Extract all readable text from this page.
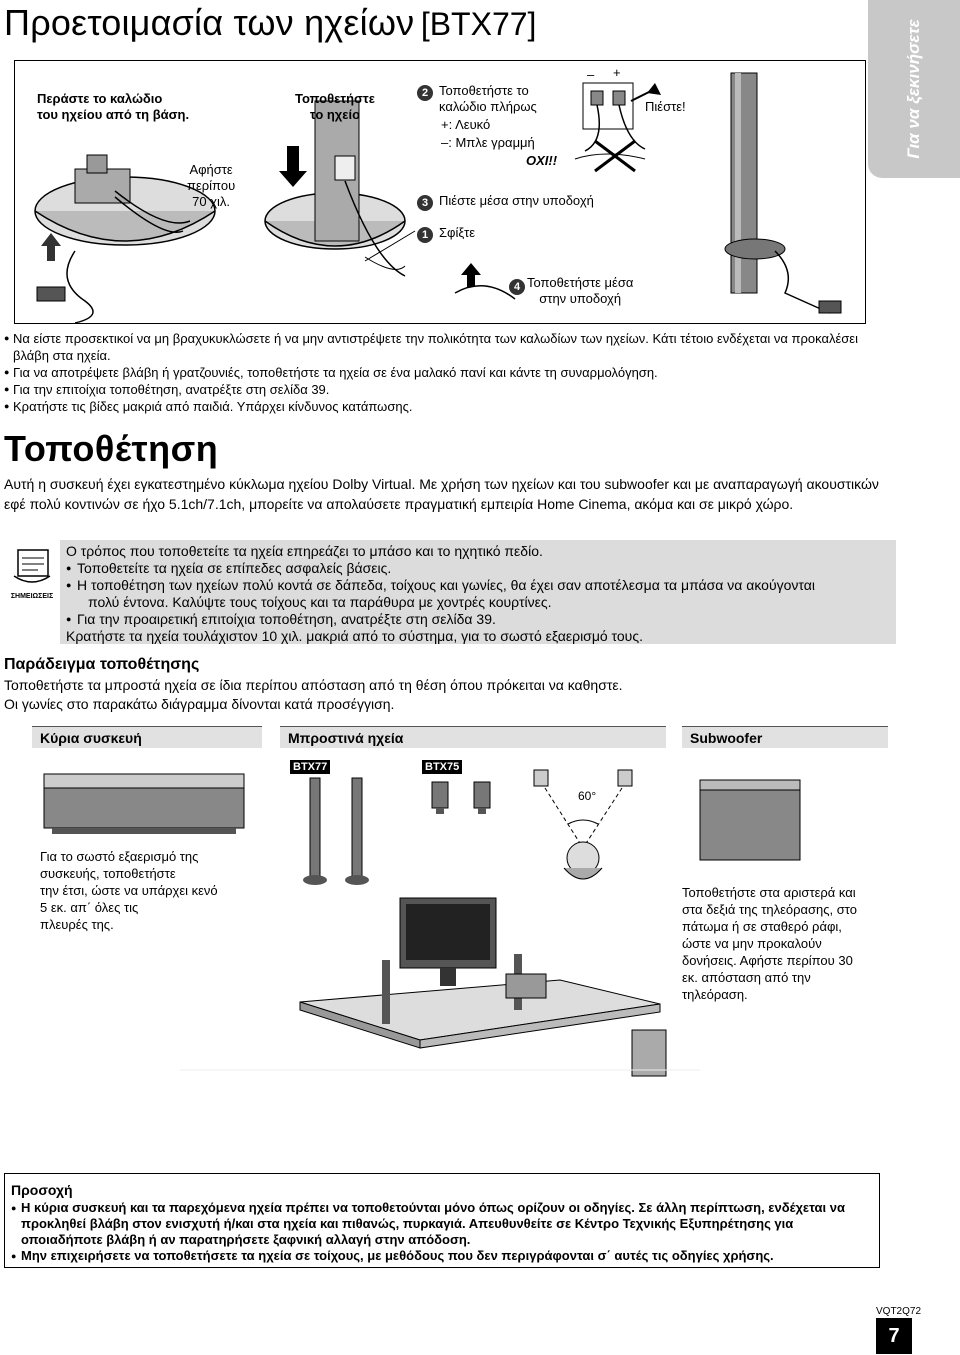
Προετοιμασία των ηχείων [BTX77]	Για να ξεκινήσετε
Περάστε το καλώδιο
του ηχείου από τη βάση.
Αφήστε
περίπου
70 χιλ.
Τοποθετήστε
το ηχείο
2 Τοποθετήστε το
καλώδιο πλήρως
+: Λευκό
–: Μπλε γραμμή
ΟΧΙ!!
Πιέστε!
– +
3 Πιέστε μέσα στην υποδοχή
1 Σφίξτε
4 Τοποθετήστε μέσα
στην υποδοχή

● Να είστε προσεκτικοί να μη βραχυκυκλώσετε ή να μην αντιστρέψετε την πολικότητα των καλωδίων των ηχείων. Κάτι τέτοιο ενδέχεται να προκαλέσει βλάβη στα ηχεία.

● Για να αποτρέψετε βλάβη ή γρατζουνιές, τοποθετήστε τα ηχεία σε ένα μαλακό πανί και κάντε τη συναρμολόγηση.

● Για την επιτοίχια τοποθέτηση, ανατρέξτε στη σελίδα 39.

● Κρατήστε τις βίδες μακριά από παιδιά. Υπάρχει κίνδυνος κατάπωσης.

Τοποθέτηση
Αυτή η συσκευή έχει εγκατεστημένο κύκλωμα ηχείου Dolby Virtual. Με χρήση των ηχείων και του subwoofer και με αναπαραγωγή ακουστικών εφέ πολύ κοντινών σε ήχο 5.1ch/7.1ch, μπορείτε να απολαύσετε πραγματική εμπειρία Home Cinema, ακόμα και σε μικρό χώρο.
ΣΗΜΕΙΩΣΕΙΣ
Ο τρόπος που τοποθετείτε τα ηχεία επηρεάζει το μπάσο και το ηχητικό πεδίο.
● Τοποθετείτε τα ηχεία σε επίπεδες ασφαλείς βάσεις.
● Η τοποθέτηση των ηχείων πολύ κοντά σε δάπεδα, τοίχους και γωνίες, θα έχει σαν αποτέλεσμα τα μπάσα να ακούγονται
πολύ έντονα. Καλύψτε τους τοίχους και τα παράθυρα με χοντρές κουρτίνες.
● Για την προαιρετική επιτοίχια τοποθέτηση, ανατρέξτε στη σελίδα 39.
Κρατήστε τα ηχεία τουλάχιστον 10 χιλ. μακριά από το σύστημα, για το σωστό εξαερισμό τους.
Παράδειγμα τοποθέτησης
Τοποθετήστε τα μπροστά ηχεία σε ίδια περίπου απόσταση από τη θέση όπου πρόκειται να καθηστε.
Οι γωνίες στο παρακάτω διάγραμμα δίνονται κατά προσέγγιση.
Κύρια συσκευή	Μπροστινά ηχεία	Subwoofer
BTX77	BTX75
60°
Για το σωστό εξαερισμό της
συσκευής, τοποθετήστε
την έτσι, ώστε να υπάρχει κενό
5 εκ. απ΄ όλες τις
πλευρές της.
Τοποθετήστε στα αριστερά και
στα δεξιά της τηλεόρασης, στο
πάτωμα ή σε σταθερό ράφι,
ώστε να μην προκαλούν
δονήσεις. Αφήστε περίπου 30
εκ. απόσταση από την
τηλεόραση.
Προσοχή

● Η κύρια συσκευή και τα παρεχόμενα ηχεία πρέπει να τοποθετούνται μόνο όπως ορίζουν οι οδηγίες. Σε άλλη περίπτωση, ενδέχεται να προκληθεί βλάβη στον ενισχυτή ή/και στα ηχεία και πιθανώς, πυρκαγιά. Απευθυνθείτε σε Κέντρο Τεχνικής Εξυπηρέτησης για οποιαδήποτε βλάβη ή αν παρατηρήσετε ξαφνική αλλαγή στην απόδοση.

● Μην επιχειρήσετε να τοποθετήσετε τα ηχεία σε τοίχους, με μεθόδους που δεν περιγράφονται σ΄ αυτές τις οδηγίες χρήσης.

VQT2Q72
7
